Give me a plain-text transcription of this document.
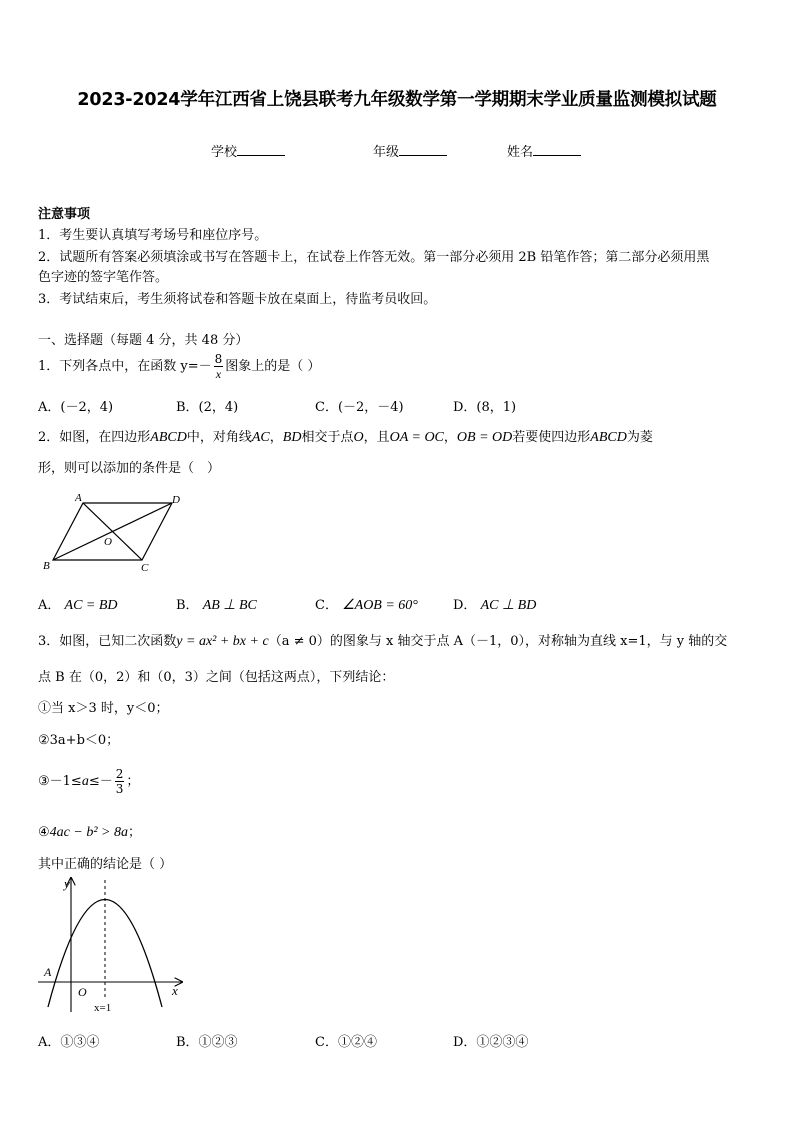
2023-2024学年江西省上饶县联考九年级数学第一学期期末学业质量监测模拟试题
学校	年级	姓名
注意事项
1．考生要认真填写考场号和座位序号。
2．试题所有答案必须填涂或书写在答题卡上，在试卷上作答无效。第一部分必须用 2B 铅笔作答；第二部分必须用黑
色字迹的签字笔作答。
3．考试结束后，考生须将试卷和答题卡放在桌面上，待监考员收回。
一、选择题（每题 4 分，共 48 分）
1．下列各点中，在函数 $y=- \frac{8}{x}$ 图象上的是（ ）
A．(－2，4)	B．(2，4)	C．(－2，－4)	D．(8，1)
2．如图，在四边形ABCD中，对角线AC，BD相交于点O，且OA = OC，OB = OD若要使四边形ABCD为菱
形，则可以添加的条件是（　）
A	D
B	C
O
A． AC = BD	B． AB ⊥ BC	C． ∠AOB = 60°	D． AC ⊥ BD
3．如图，已知二次函数y = ax² + bx + c（a ≠ 0）的图象与 x 轴交于点 A（－1，0），对称轴为直线 x=1，与 y 轴的交
点 B 在（0，2）和（0，3）之间（包括这两点），下列结论：
①当 x＞3 时，y＜0；
②3a+b＜0；
③－1≤a≤－ $\frac{2}{3}$ ；
④4ac − b² > 8a；
其中正确的结论是（ ）
y
x
A
O
x=1
A．①③④	B．①②③	C．①②④	D．①②③④
